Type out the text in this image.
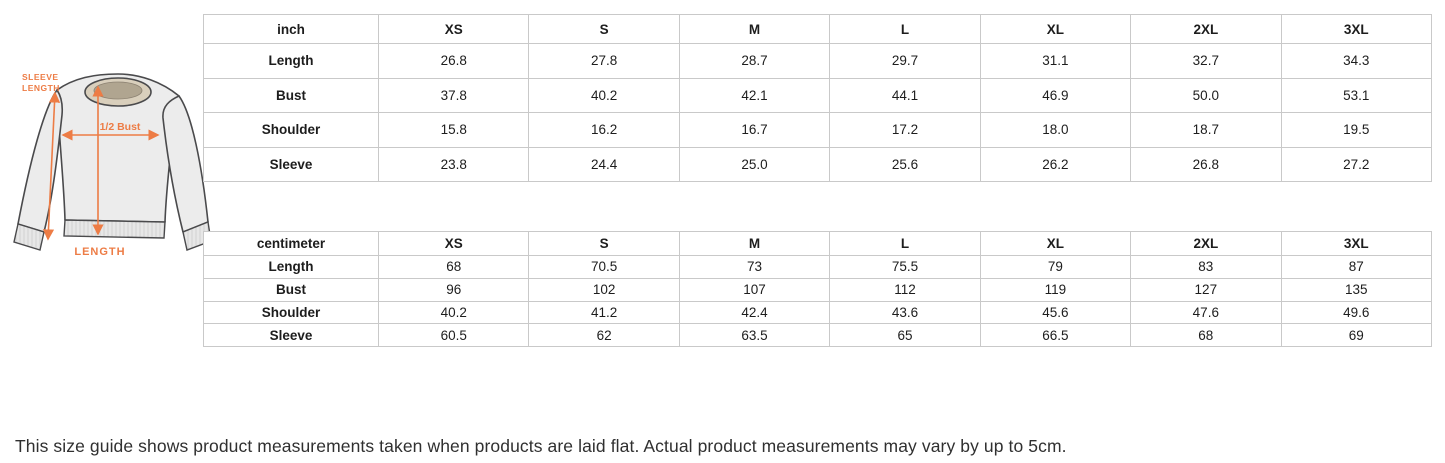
SLEEVE
LENGTH
1/2 Bust
LENGTH
inch	XS	S	M	L	XL	2XL	3XL
Length	26.8	27.8	28.7	29.7	31.1	32.7	34.3
Bust	37.8	40.2	42.1	44.1	46.9	50.0	53.1
Shoulder	15.8	16.2	16.7	17.2	18.0	18.7	19.5
Sleeve	23.8	24.4	25.0	25.6	26.2	26.8	27.2
centimeter	XS	S	M	L	XL	2XL	3XL
Length	68	70.5	73	75.5	79	83	87
Bust	96	102	107	112	119	127	135
Shoulder	40.2	41.2	42.4	43.6	45.6	47.6	49.6
Sleeve	60.5	62	63.5	65	66.5	68	69
This size guide shows product measurements taken when products are laid flat. Actual product measurements may vary by up to 5cm.
